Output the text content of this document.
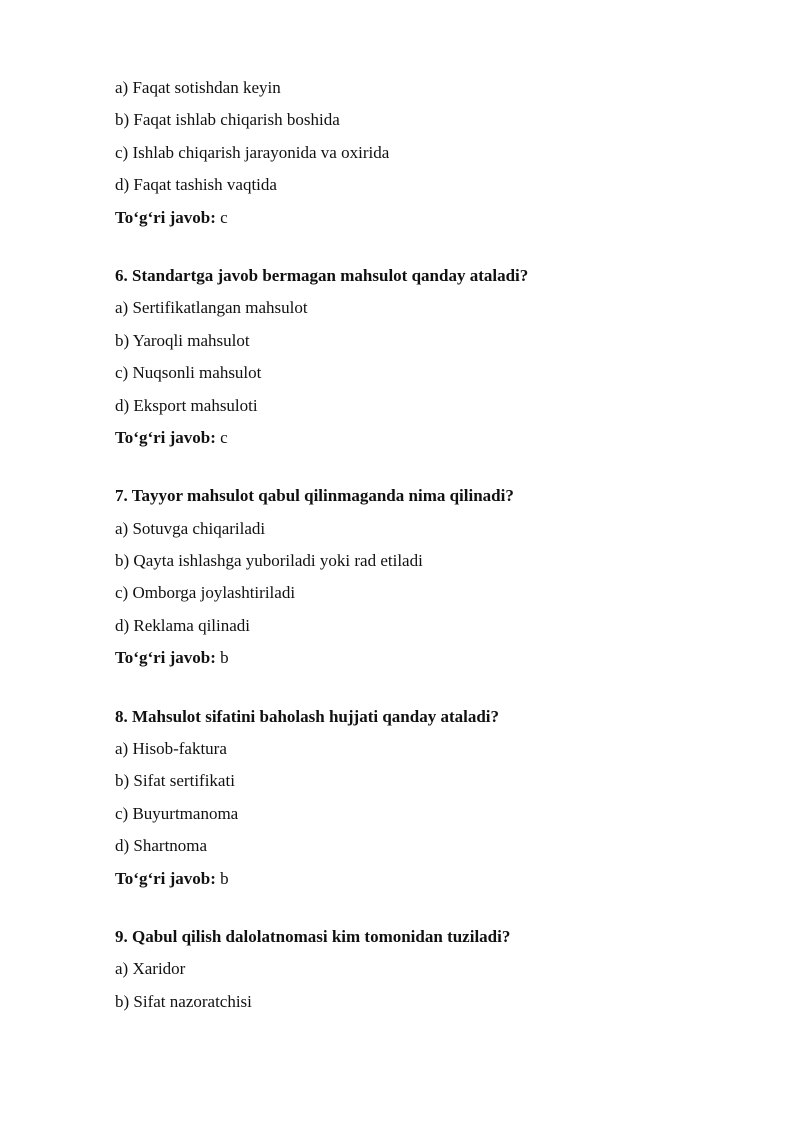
a) Faqat sotishdan keyin
b) Faqat ishlab chiqarish boshida
c) Ishlab chiqarish jarayonida va oxirida
d) Faqat tashish vaqtida
To‘g‘ri javob: c
6. Standartga javob bermagan mahsulot qanday ataladi?
a) Sertifikatlangan mahsulot
b) Yaroqli mahsulot
c) Nuqsonli mahsulot
d) Eksport mahsuloti
To‘g‘ri javob: c
7. Tayyor mahsulot qabul qilinmaganda nima qilinadi?
a) Sotuvga chiqariladi
b) Qayta ishlashga yuboriladi yoki rad etiladi
c) Omborga joylashtiriladi
d) Reklama qilinadi
To‘g‘ri javob: b
8. Mahsulot sifatini baholash hujjati qanday ataladi?
a) Hisob-faktura
b) Sifat sertifikati
c) Buyurtmanoma
d) Shartnoma
To‘g‘ri javob: b
9. Qabul qilish dalolatnomasi kim tomonidan tuziladi?
a) Xaridor
b) Sifat nazoratchisi
